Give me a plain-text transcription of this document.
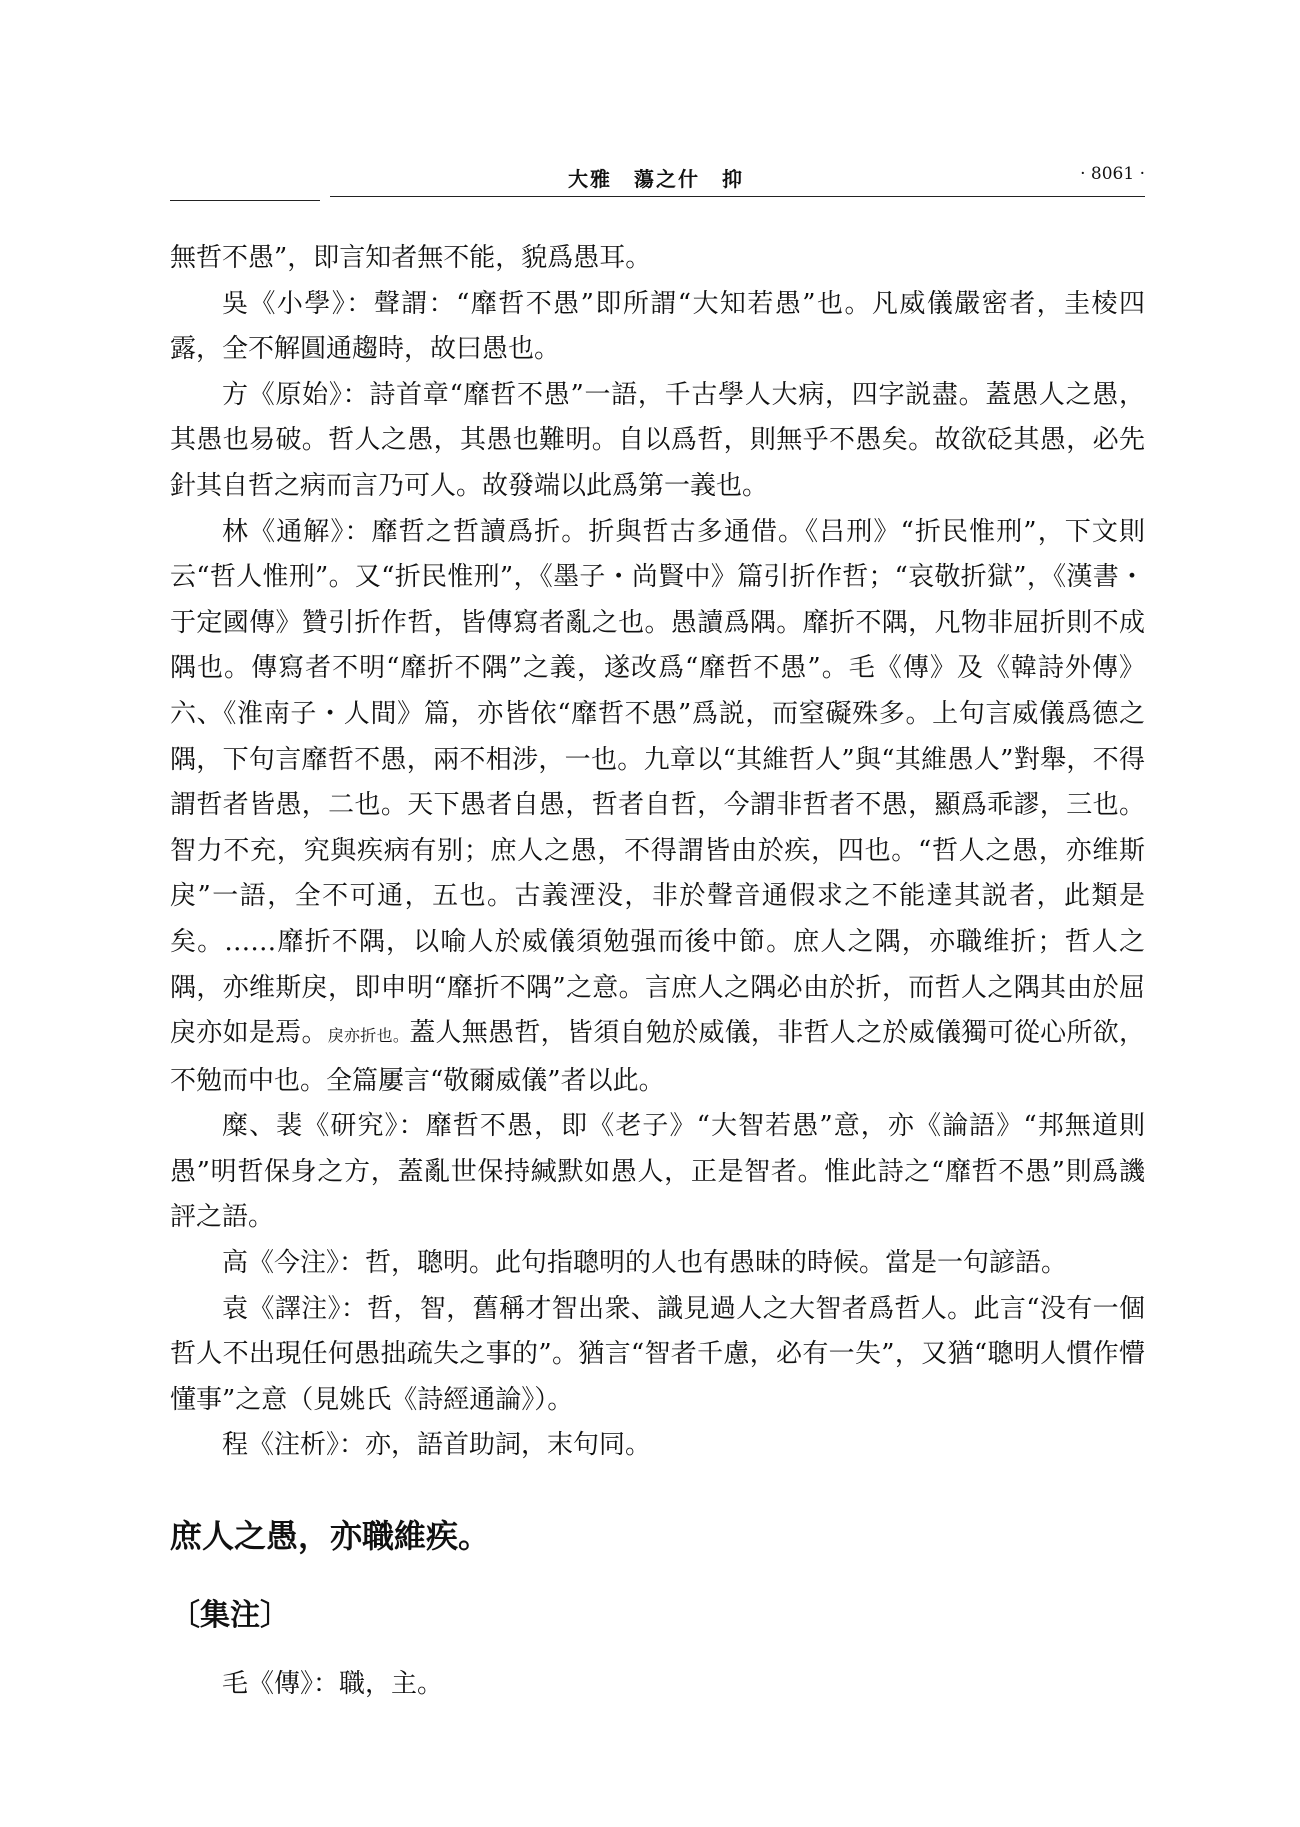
大雅　蕩之什　抑	· 8061 ·

無哲不愚”，即言知者無不能，貌爲愚耳。

吳《小學》：聲謂：“靡哲不愚”即所謂“大知若愚”也。凡威儀嚴密者，圭棱四露，全不解圓通趨時，故曰愚也。

方《原始》：詩首章“靡哲不愚”一語，千古學人大病，四字説盡。蓋愚人之愚，其愚也易破。哲人之愚，其愚也難明。自以爲哲，則無乎不愚矣。故欲砭其愚，必先針其自哲之病而言乃可人。故發端以此爲第一義也。

林《通解》：靡哲之哲讀爲折。折與哲古多通借。《吕刑》“折民惟刑”，下文則云“哲人惟刑”。又“折民惟刑”，《墨子・尚賢中》篇引折作哲；“哀敬折獄”，《漢書・于定國傳》贊引折作哲，皆傳寫者亂之也。愚讀爲隅。靡折不隅，凡物非屈折則不成隅也。傳寫者不明“靡折不隅”之義，遂改爲“靡哲不愚”。毛《傳》及《韓詩外傳》六、《淮南子・人間》篇，亦皆依“靡哲不愚”爲説，而窒礙殊多。上句言威儀爲德之隅，下句言靡哲不愚，兩不相涉，一也。九章以“其維哲人”與“其維愚人”對舉，不得謂哲者皆愚，二也。天下愚者自愚，哲者自哲，今謂非哲者不愚，顯爲乖謬，三也。智力不充，究與疾病有别；庶人之愚，不得謂皆由於疾，四也。“哲人之愚，亦维斯戾”一語，全不可通，五也。古義湮没，非於聲音通假求之不能達其説者，此類是矣。……靡折不隅，以喻人於威儀須勉强而後中節。庶人之隅，亦職维折；哲人之隅，亦维斯戾，即申明“靡折不隅”之意。言庶人之隅必由於折，而哲人之隅其由於屈戾亦如是焉。戾亦折也。蓋人無愚哲，皆須自勉於威儀，非哲人之於威儀獨可從心所欲，不勉而中也。全篇屢言“敬爾威儀”者以此。

糜、裴《研究》：靡哲不愚，即《老子》“大智若愚”意，亦《論語》“邦無道則愚”明哲保身之方，蓋亂世保持緘默如愚人，正是智者。惟此詩之“靡哲不愚”則爲譏評之語。

高《今注》：哲，聰明。此句指聰明的人也有愚昧的時候。當是一句諺語。

袁《譯注》：哲，智，舊稱才智出衆、識見過人之大智者爲哲人。此言“没有一個哲人不出現任何愚拙疏失之事的”。猶言“智者千慮，必有一失”，又猶“聰明人慣作懵懂事”之意（見姚氏《詩經通論》）。

程《注析》：亦，語首助詞，末句同。

庶人之愚，亦職維疾。
〔集注〕
毛《傳》：職，主。
